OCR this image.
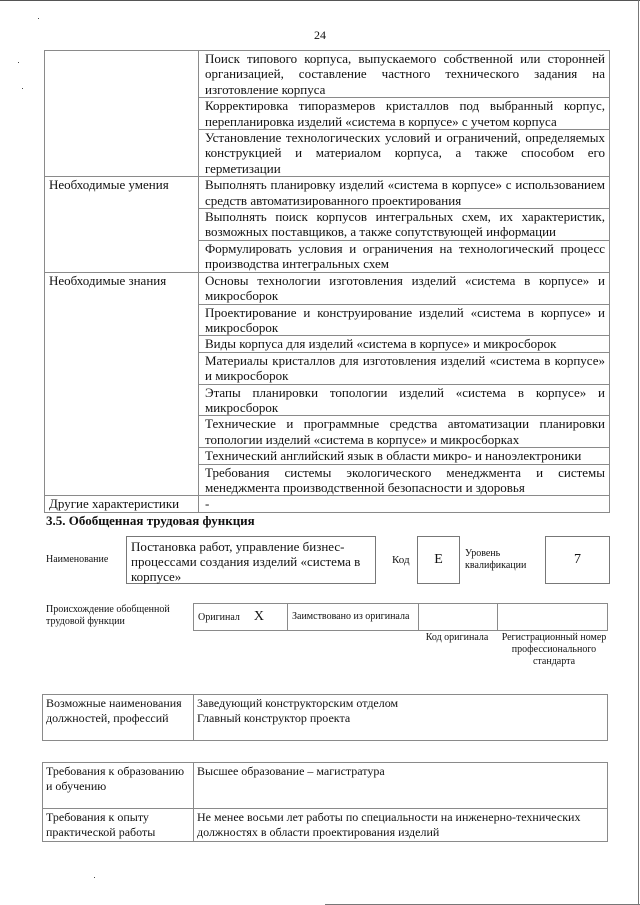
24
	Поиск типового корпуса, выпускаемого собственной или сторонней организацией, составление частного технического задания на изготовление корпуса
	Корректировка типоразмеров кристаллов под выбранный корпус, перепланировка изделий «система в корпусе» с учетом корпуса
	Установление технологических условий и ограничений, определяемых конструкцией и материалом корпуса, а также способом его герметизации
Необходимые умения	Выполнять планировку изделий «система в корпусе» с использованием средств автоматизированного проектирования
	Выполнять поиск корпусов интегральных схем, их характеристик, возможных поставщиков, а также сопутствующей информации
	Формулировать условия и ограничения на технологический процесс производства интегральных схем
Необходимые знания	Основы технологии изготовления изделий «система в корпусе» и микросборок
	Проектирование и конструирование изделий «система в корпусе» и микросборок
	Виды корпуса для изделий «система в корпусе» и микросборок
	Материалы кристаллов для изготовления изделий «система в корпусе» и микросборок
	Этапы планировки топологии изделий «система в корпусе» и микросборок
	Технические и программные средства автоматизации планировки топологии изделий «система в корпусе» и микросборках
	Технический английский язык в области микро- и наноэлектроники
	Требования системы экологического менеджмента и системы менеджмента производственной безопасности и здоровья
Другие характеристики	-
3.5. Обобщенная трудовая функция
Наименование
Постановка работ, управление бизнес-процессами создания изделий «система в корпусе»
Код	Е	Уровень квалификации	7
Происхождение обобщенной трудовой функции	Оригинал X	Заимствовано из оригинала		
Код оригинала	Регистрационный номер профессионального стандарта
Возможные наименования должностей, профессий	
Заведующий конструкторским отделом
Главный конструктор проекта
Требования к образованию и обучению	Высшее образование – магистратура
Требования к опыту практической работы	Не менее восьми лет работы по специальности на инженерно-технических должностях в области проектирования изделий
